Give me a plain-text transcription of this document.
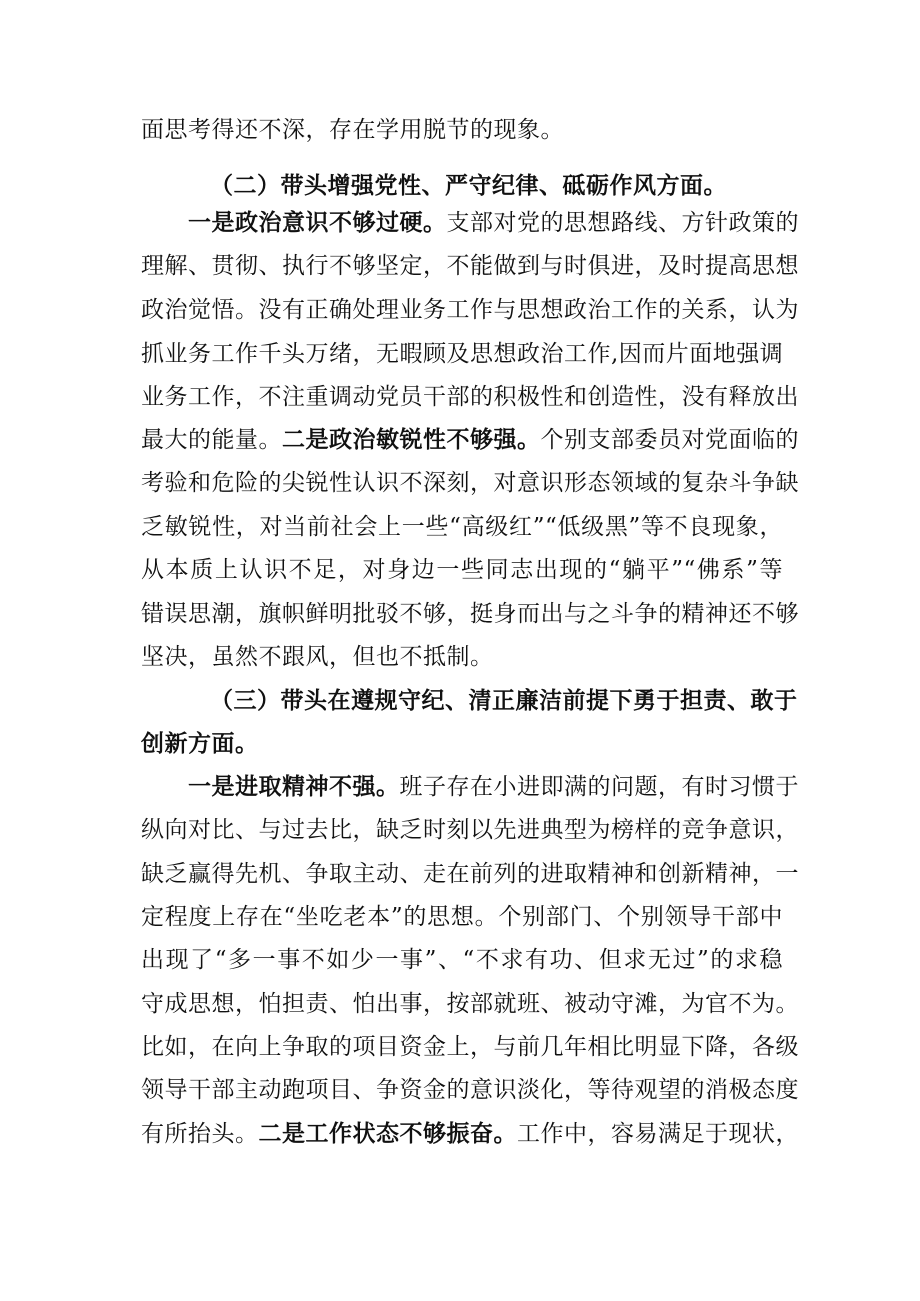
面思考得还不深，存在学用脱节的现象。
（二）带头增强党性、严守纪律、砥砺作风方面。
一是政治意识不够过硬。支部对党的思想路线、方针政策的
理解、贯彻、执行不够坚定，不能做到与时俱进，及时提高思想
政治觉悟。没有正确处理业务工作与思想政治工作的关系，认为
抓业务工作千头万绪，无暇顾及思想政治工作,因而片面地强调
业务工作，不注重调动党员干部的积极性和创造性，没有释放出
最大的能量。二是政治敏锐性不够强。个别支部委员对党面临的
考验和危险的尖锐性认识不深刻，对意识形态领域的复杂斗争缺
乏敏锐性，对当前社会上一些“高级红”“低级黑”等不良现象，
从本质上认识不足，对身边一些同志出现的“躺平”“佛系”等
错误思潮，旗帜鲜明批驳不够，挺身而出与之斗争的精神还不够
坚决，虽然不跟风，但也不抵制。
（三）带头在遵规守纪、清正廉洁前提下勇于担责、敢于
创新方面。
一是进取精神不强。班子存在小进即满的问题，有时习惯于
纵向对比、与过去比，缺乏时刻以先进典型为榜样的竞争意识，
缺乏赢得先机、争取主动、走在前列的进取精神和创新精神，一
定程度上存在“坐吃老本”的思想。个别部门、个别领导干部中
出现了“多一事不如少一事”、“不求有功、但求无过”的求稳
守成思想，怕担责、怕出事，按部就班、被动守滩，为官不为。
比如，在向上争取的项目资金上，与前几年相比明显下降，各级
领导干部主动跑项目、争资金的意识淡化，等待观望的消极态度
有所抬头。二是工作状态不够振奋。工作中，容易满足于现状，
